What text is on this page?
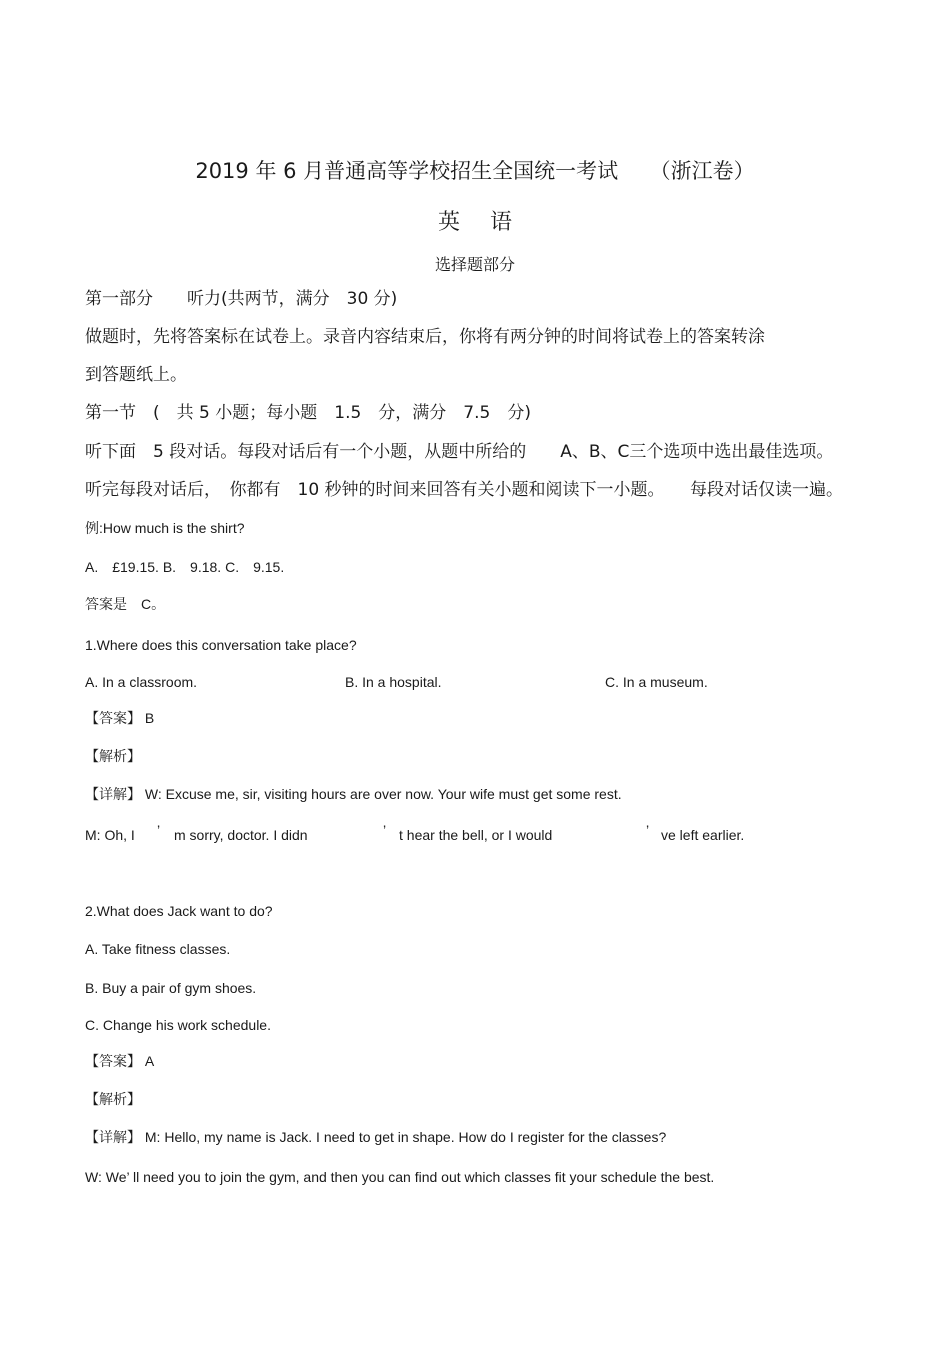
2019 年 6 月普通高等学校招生全国统一考试　　（浙江卷）
英语
选择题部分
第一部分　　听力(共两节，满分　30 分)
做题时，先将答案标在试卷上。录音内容结束后，你将有两分钟的时间将试卷上的答案转涂
到答题纸上。
第一节　(　共 5 小题；每小题　1.5　分，满分　7.5　分)
听下面　5 段对话。每段对话后有一个小题，从题中所给的　　A、B、C三个选项中选出最佳选项。
听完每段对话后，　你都有　10 秒钟的时间来回答有关小题和阅读下一小题。　　每段对话仅读一遍。
例:How much is the shirt?
A.　£19.15. B.　9.18. C.　9.15.
答案是　C。
1.Where does this conversation take place?
A. In a classroom.	B. In a hospital.	C. In a museum.
【答案】 B
【解析】
【详解】 W: Excuse me, sir, visiting hours are over now. Your wife must get some rest.
M: Oh, I ’ m sorry, doctor. I didn	’ t hear the bell, or I would	’ ve left earlier.
2.What does Jack want to do?
A. Take fitness classes.
B. Buy a pair of gym shoes.
C. Change his work schedule.
【答案】 A
【解析】
【详解】 M: Hello, my name is Jack. I need to get in shape. How do I register for the classes?
W: We’ ll need you to join the gym, and then you can find out which classes fit your schedule the best.
